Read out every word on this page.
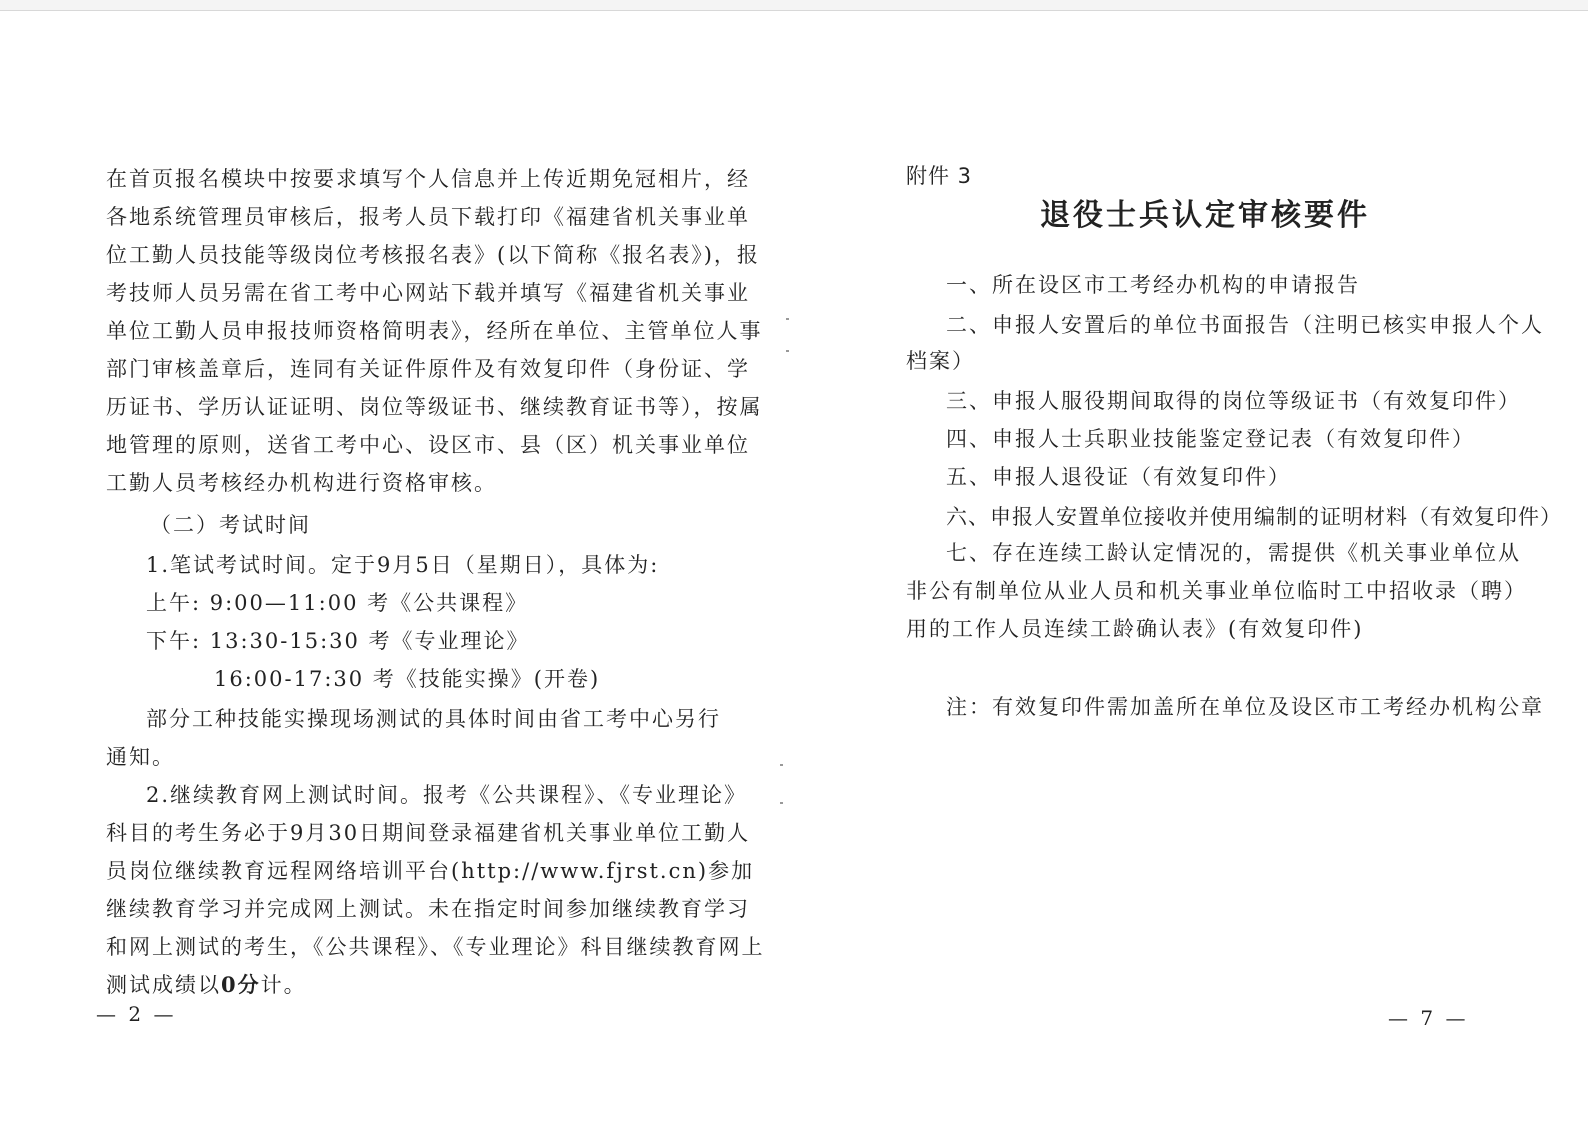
在首页报名模块中按要求填写个人信息并上传近期免冠相片，经
各地系统管理员审核后，报考人员下载打印《福建省机关事业单
位工勤人员技能等级岗位考核报名表》(以下简称《报名表》)，报
考技师人员另需在省工考中心网站下载并填写《福建省机关事业
单位工勤人员申报技师资格简明表》，经所在单位、主管单位人事
部门审核盖章后，连同有关证件原件及有效复印件（身份证、学
历证书、学历认证证明、岗位等级证书、继续教育证书等），按属
地管理的原则，送省工考中心、设区市、县（区）机关事业单位
工勤人员考核经办机构进行资格审核。
（二）考试时间
1.笔试考试时间。定于9月5日（星期日），具体为:
上午: 9:00—11:00 考《公共课程》
下午: 13:30-15:30 考《专业理论》
16:00-17:30 考《技能实操》(开卷)
部分工种技能实操现场测试的具体时间由省工考中心另行
通知。
2.继续教育网上测试时间。报考《公共课程》、《专业理论》
科目的考生务必于9月30日期间登录福建省机关事业单位工勤人
员岗位继续教育远程网络培训平台(http://www.fjrst.cn)参加
继续教育学习并完成网上测试。未在指定时间参加继续教育学习
和网上测试的考生，《公共课程》、《专业理论》科目继续教育网上
测试成绩以0分计。
— 2 —
附件 3
退役士兵认定审核要件
一、所在设区市工考经办机构的申请报告
二、申报人安置后的单位书面报告（注明已核实申报人个人
档案）
三、申报人服役期间取得的岗位等级证书（有效复印件）
四、申报人士兵职业技能鉴定登记表（有效复印件）
五、申报人退役证（有效复印件）
六、申报人安置单位接收并使用编制的证明材料（有效复印件）
七、存在连续工龄认定情况的，需提供《机关事业单位从
非公有制单位从业人员和机关事业单位临时工中招收录（聘）
用的工作人员连续工龄确认表》(有效复印件)
注：有效复印件需加盖所在单位及设区市工考经办机构公章
— 7 —
